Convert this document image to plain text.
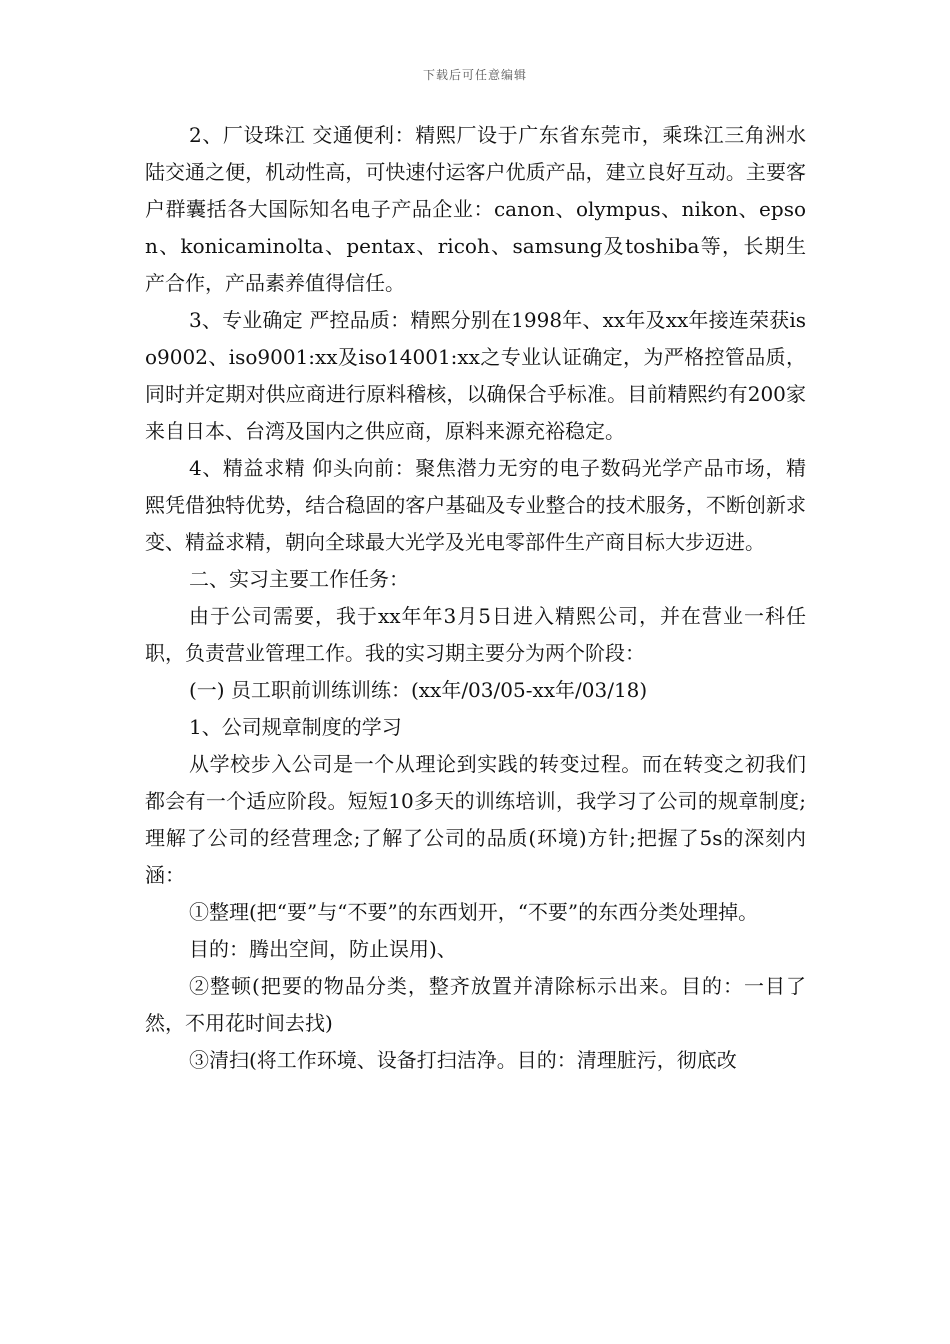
下载后可任意编辑

2、厂设珠江 交通便利：精熙厂设于广东省东莞市，乘珠江三角洲水陆交通之便，机动性高，可快速付运客户优质产品，建立良好互动。主要客户群囊括各大国际知名电子产品企业：canon、olympus、nikon、epson、konicaminolta、pentax、ricoh、samsung及toshiba等，长期生产合作，产品素养值得信任。

3、专业确定 严控品质：精熙分别在1998年、xx年及xx年接连荣获iso9002、iso9001:xx及iso14001:xx之专业认证确定，为严格控管品质，同时并定期对供应商进行原料稽核，以确保合乎标准。目前精熙约有200家来自日本、台湾及国内之供应商，原料来源充裕稳定。

4、精益求精 仰头向前：聚焦潜力无穷的电子数码光学产品市场，精熙凭借独特优势，结合稳固的客户基础及专业整合的技术服务，不断创新求变、精益求精，朝向全球最大光学及光电零部件生产商目标大步迈进。

二、实习主要工作任务：

由于公司需要，我于xx年年3月5日进入精熙公司，并在营业一科任职，负责营业管理工作。我的实习期主要分为两个阶段：

(一) 员工职前训练训练：(xx年/03/05-xx年/03/18)

1、公司规章制度的学习

从学校步入公司是一个从理论到实践的转变过程。而在转变之初我们都会有一个适应阶段。短短10多天的训练培训，我学习了公司的规章制度;理解了公司的经营理念;了解了公司的品质(环境)方针;把握了5s的深刻内涵：

①整理(把“要”与“不要”的东西划开，“不要”的东西分类处理掉。

目的：腾出空间，防止误用)、

②整顿(把要的物品分类，整齐放置并清除标示出来。目的：一目了然，不用花时间去找)

③清扫(将工作环境、设备打扫洁净。目的：清理脏污，彻底改
